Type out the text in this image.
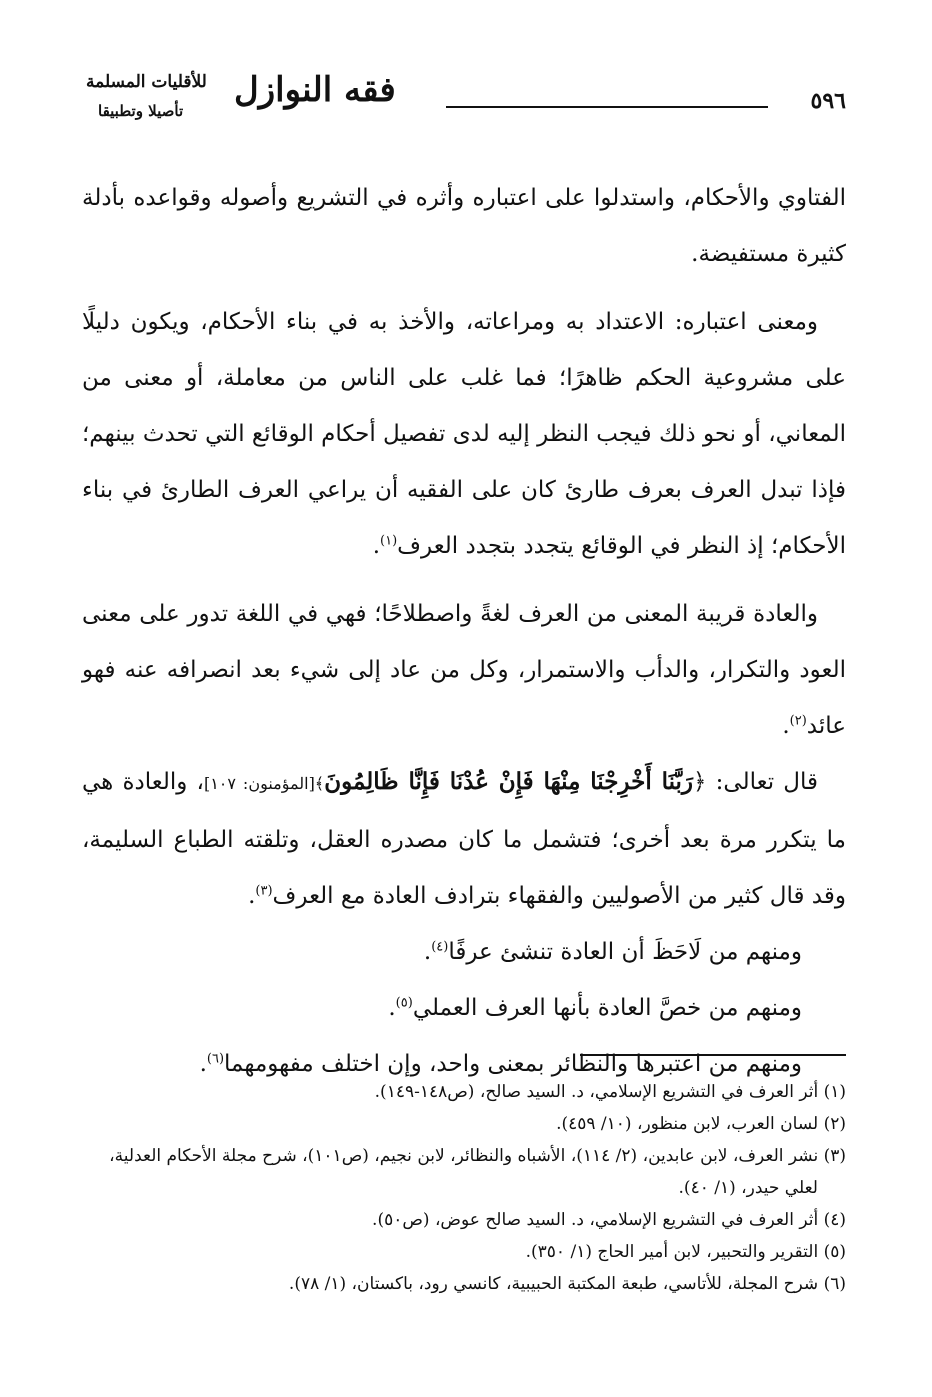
٥٩٦
فقه النوازل
للأقليات المسلمة
تأصيلا وتطبيقا

الفتاوي والأحكام، واستدلوا على اعتباره وأثره في التشريع وأصوله وقواعده بأدلة كثيرة مستفيضة.

ومعنى اعتباره: الاعتداد به ومراعاته، والأخذ به في بناء الأحكام، ويكون دليلًا على مشروعية الحكم ظاهرًا؛ فما غلب على الناس من معاملة، أو معنى من المعاني، أو نحو ذلك فيجب النظر إليه لدى تفصيل أحكام الوقائع التي تحدث بينهم؛ فإذا تبدل العرف بعرف طارئ كان على الفقيه أن يراعي العرف الطارئ في بناء الأحكام؛ إذ النظر في الوقائع يتجدد بتجدد العرف$^{(١)}$.

والعادة قريبة المعنى من العرف لغةً واصطلاحًا؛ فهي في اللغة تدور على معنى العود والتكرار، والدأب والاستمرار، وكل من عاد إلى شيء بعد انصرافه عنه فهو عائد$^{(٢)}$.

قال تعالى: ﴿رَبَّنَا أَخْرِجْنَا مِنْهَا فَإِنْ عُدْنَا فَإِنَّا ظَالِمُونَ﴾[المؤمنون: ١٠٧]، والعادة هي ما يتكرر مرة بعد أخرى؛ فتشمل ما كان مصدره العقل، وتلقته الطباع السليمة، وقد قال كثير من الأصوليين والفقهاء بترادف العادة مع العرف$^{(٣)}$.

ومنهم من لَاحَظَ أن العادة تنشئ عرفًا$^{(٤)}$.

ومنهم من خصَّ العادة بأنها العرف العملي$^{(٥)}$.

ومنهم من اعتبرها والنظائر بمعنى واحد، وإن اختلف مفهومهما$^{(٦)}$.

(١) أثر العرف في التشريع الإسلامي، د. السيد صالح، (ص١٤٨-١٤٩).

(٢) لسان العرب، لابن منظور، (١٠/ ٤٥٩).

(٣) نشر العرف، لابن عابدين، (٢/ ١١٤)، الأشباه والنظائر، لابن نجيم، (ص١٠١)، شرح مجلة الأحكام العدلية، لعلي حيدر، (١/ ٤٠).

(٤) أثر العرف في التشريع الإسلامي، د. السيد صالح عوض، (ص٥٠).

(٥) التقرير والتحبير، لابن أمير الحاج (١/ ٣٥٠).

(٦) شرح المجلة، للأتاسي، طبعة المكتبة الحبيبية، كانسي رود، باكستان، (١/ ٧٨).
